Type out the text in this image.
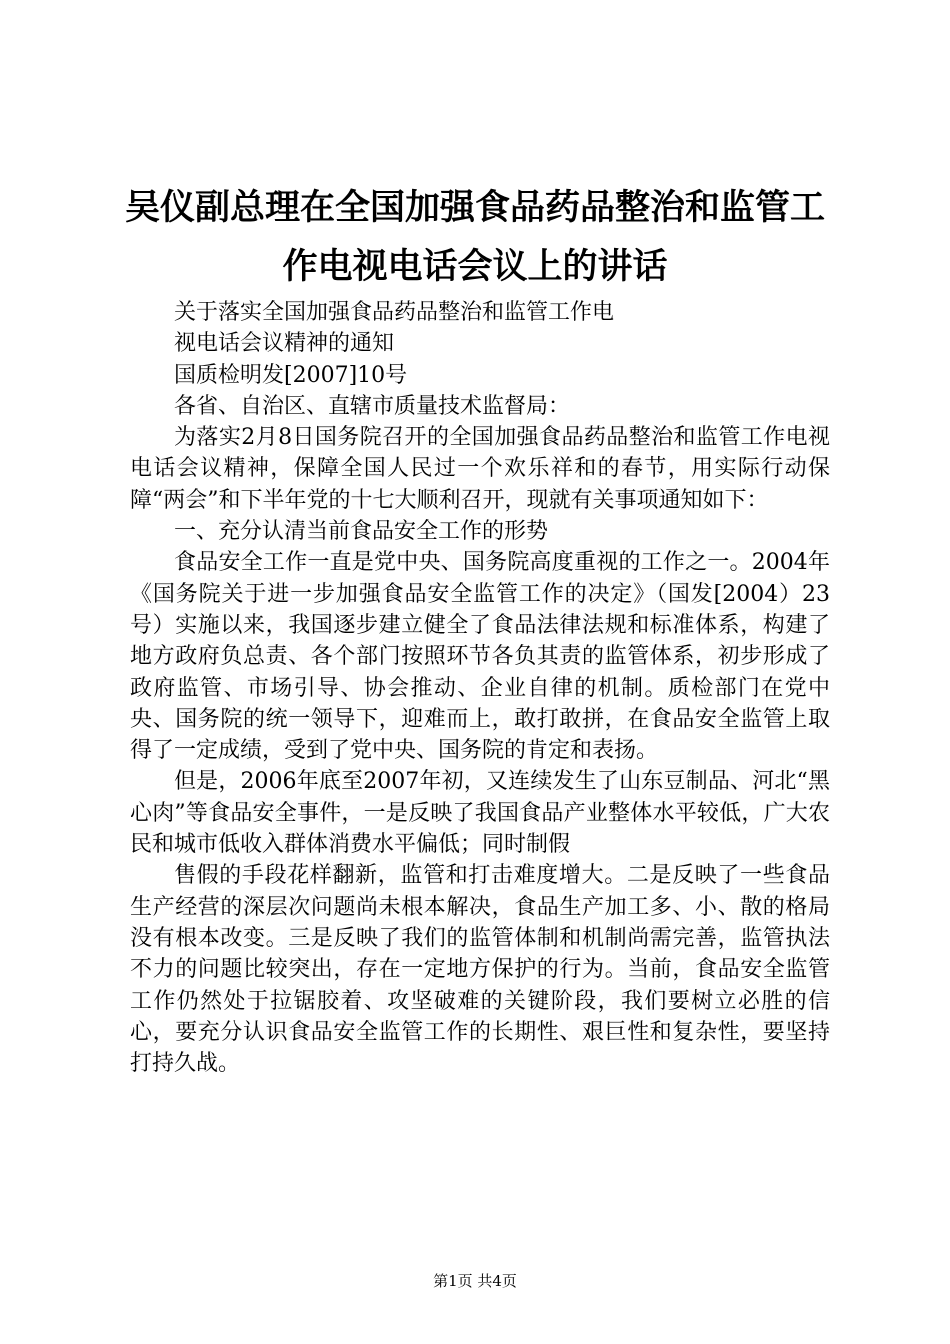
吴仪副总理在全国加强食品药品整治和监管工
作电视电话会议上的讲话

关于落实全国加强食品药品整治和监管工作电

视电话会议精神的通知

国质检明发[2007]10号

各省、自治区、直辖市质量技术监督局：

为落实2月8日国务院召开的全国加强食品药品整治和监管工作电视电话会议精神，保障全国人民过一个欢乐祥和的春节，用实际行动保障“两会”和下半年党的十七大顺利召开，现就有关事项通知如下：

一、充分认清当前食品安全工作的形势

食品安全工作一直是党中央、国务院高度重视的工作之一。2004年《国务院关于进一步加强食品安全监管工作的决定》（国发[2004）23号）实施以来，我国逐步建立健全了食品法律法规和标准体系，构建了地方政府负总责、各个部门按照环节各负其责的监管体系，初步形成了政府监管、市场引导、协会推动、企业自律的机制。质检部门在党中央、国务院的统一领导下，迎难而上，敢打敢拼，在食品安全监管上取得了一定成绩，受到了党中央、国务院的肯定和表扬。

但是，2006年底至2007年初，又连续发生了山东豆制品、河北“黑心肉”等食品安全事件，一是反映了我国食品产业整体水平较低，广大农民和城市低收入群体消费水平偏低；同时制假

售假的手段花样翻新，监管和打击难度增大。二是反映了一些食品生产经营的深层次问题尚未根本解决，食品生产加工多、小、散的格局没有根本改变。三是反映了我们的监管体制和机制尚需完善，监管执法不力的问题比较突出，存在一定地方保护的行为。当前，食品安全监管工作仍然处于拉锯胶着、攻坚破难的关键阶段，我们要树立必胜的信心，要充分认识食品安全监管工作的长期性、艰巨性和复杂性，要坚持打持久战。

第1页 共4页
